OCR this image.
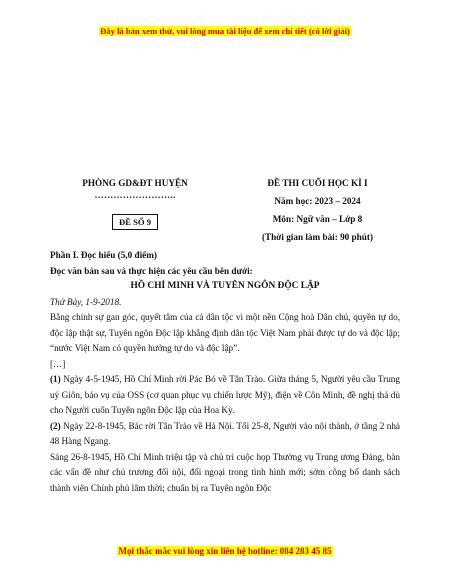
Đây là bản xem thử, vui lòng mua tài liệu để xem chi tiết (có lời giải)
PHÒNG GD&ĐT HUYỆN
……………………..
ĐỀ SỐ 9
ĐỀ THI CUỐI HỌC KÌ I
Năm học: 2023 – 2024
Môn: Ngữ văn – Lớp 8
(Thời gian làm bài: 90 phút)
Phần I. Đọc hiểu (5,0 điểm)
Đọc văn bản sau và thực hiện các yêu cầu bên dưới:
HỒ CHÍ MINH VÀ TUYÊN NGÔN ĐỘC LẬP
Thứ Bảy, 1-9-2018.

Bằng chính sự gan góc, quyết tâm của cả dân tộc vì một nền Cộng hoà Dân chủ, quyền tự do, độc lập thật sự, Tuyên ngôn Độc lập khẳng định dân tộc Việt Nam phải được tự do và độc lập; “nước Việt Nam có quyền hưởng tự do và độc lập”.

[…]

(1) Ngày 4-5-1945, Hồ Chí Minh rời Pác Bó về Tân Trào. Giữa tháng 5, Người yêu cầu Trung uý Giôn, báo vụ của OSS (cơ quan phục vụ chiến lược Mỹ), điện về Côn Minh, đề nghị thả dù cho Người cuốn Tuyên ngôn Độc lập của Hoa Kỳ.

(2) Ngày 22-8-1945, Bác rời Tân Trào về Hà Nội. Tối 25-8, Người vào nội thành, ở tầng 2 nhà 48 Hàng Ngang.

Sáng 26-8-1945, Hồ Chí Minh triệu tập và chủ trì cuộc họp Thường vụ Trung ương Đảng, bàn các vấn đề như chủ trương đối nội, đối ngoại trong tình hình mới; sớm công bố danh sách thành viên Chính phủ lâm thời; chuẩn bị ra Tuyên ngôn Độc

Mọi thắc mắc vui lòng xin liên hệ hotline: 084 283 45 85
